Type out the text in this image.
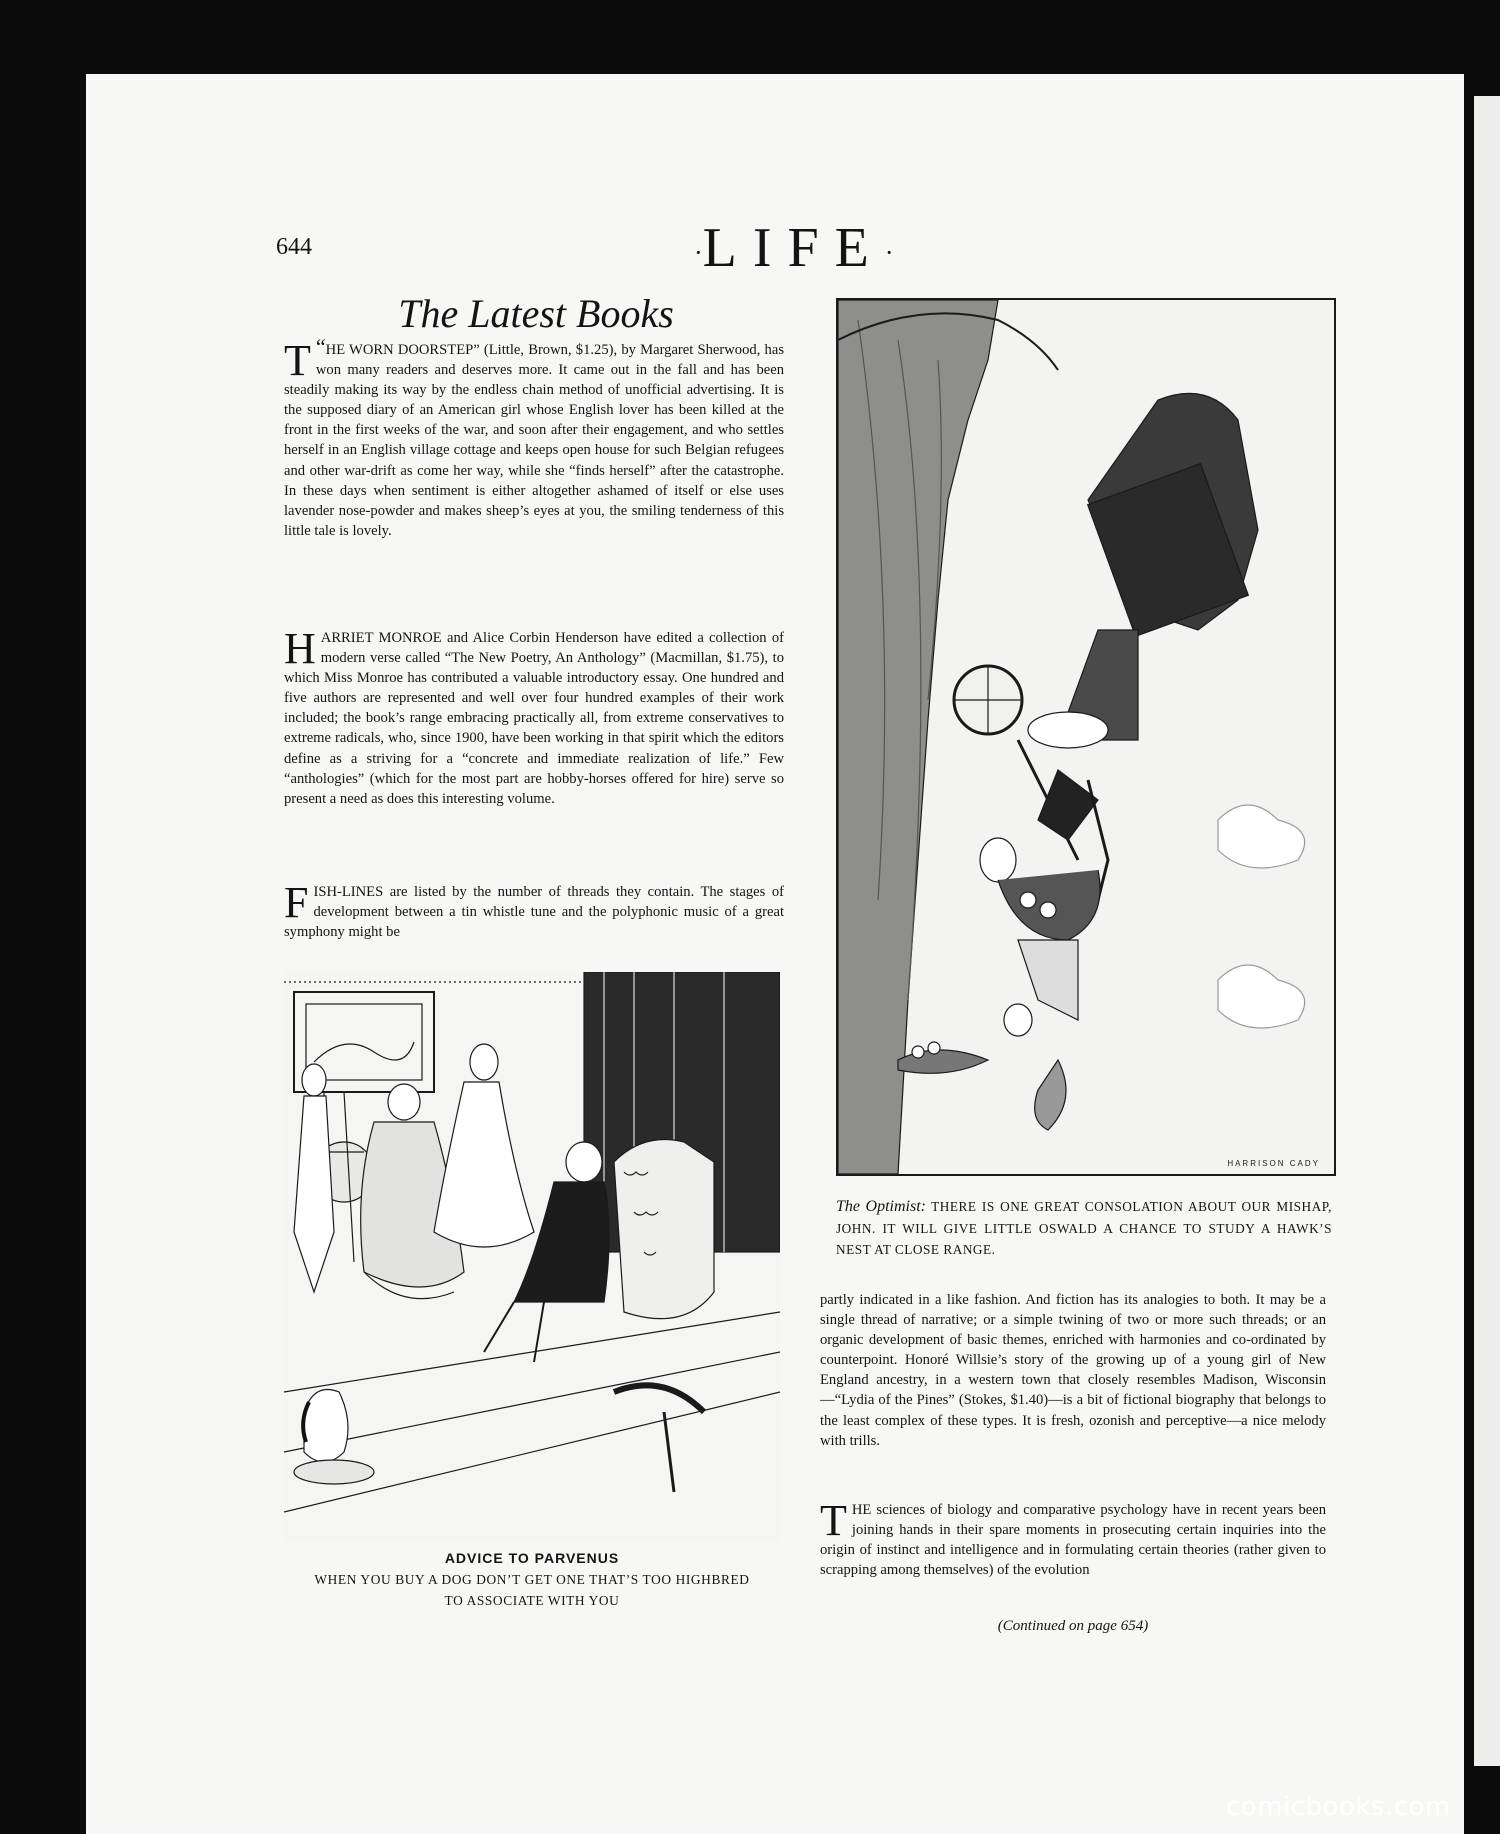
644	·LIFE·
The Latest Books

“
T HE WORN DOORSTEP” (Little, Brown, $1.25), by Margaret Sherwood, has won many readers and deserves more. It came out in the fall and has been steadily making its way by the endless chain method of unofficial advertising. It is the supposed diary of an American girl whose English lover has been killed at the front in the first weeks of the war, and soon after their engagement, and who settles herself in an English village cottage and keeps open house for such Belgian refugees and other war-drift as come her way, while she “finds herself” after the catastrophe. In these days when sentiment is either altogether ashamed of itself or else uses lavender nose-powder and makes sheep’s eyes at you, the smiling tenderness of this little tale is lovely.

HARRIET MONROE and Alice Corbin Henderson have edited a collection of modern verse called “The New Poetry, An Anthology” (Macmillan, $1.75), to which Miss Monroe has contributed a valuable introductory essay. One hundred and five authors are represented and well over four hundred examples of their work included; the book’s range embracing practically all, from extreme conservatives to extreme radicals, who, since 1900, have been working in that spirit which the editors define as a striving for a “concrete and immediate realization of life.” Few “anthologies” (which for the most part are hobby-horses offered for hire) serve so present a need as does this interesting volume.

FISH-LINES are listed by the number of threads they contain. The stages of development between a tin whistle tune and the polyphonic music of a great symphony might be

ADVICE TO PARVENUS
WHEN YOU BUY A DOG DON’T GET ONE THAT’S TOO HIGHBRED
TO ASSOCIATE WITH YOU
HARRISON CADY
The Optimist: THERE IS ONE GREAT CONSOLATION ABOUT OUR MISHAP, JOHN. IT WILL GIVE LITTLE OSWALD A CHANCE TO STUDY A HAWK’S NEST AT CLOSE RANGE.

partly indicated in a like fashion. And fiction has its analogies to both. It may be a single thread of narrative; or a simple twining of two or more such threads; or an organic development of basic themes, enriched with harmonies and co-ordinated by counterpoint. Honoré Willsie’s story of the growing up of a young girl of New England ancestry, in a western town that closely resembles Madison, Wisconsin—“Lydia of the Pines” (Stokes, $1.40)—is a bit of fictional biography that belongs to the least complex of these types. It is fresh, ozonish and perceptive—a nice melody with trills.

THE sciences of biology and comparative psychology have in recent years been joining hands in their spare moments in prosecuting certain inquiries into the origin of instinct and intelligence and in formulating certain theories (rather given to scrapping among themselves) of the evolution

(Continued on page 654)
comicbooks.com
